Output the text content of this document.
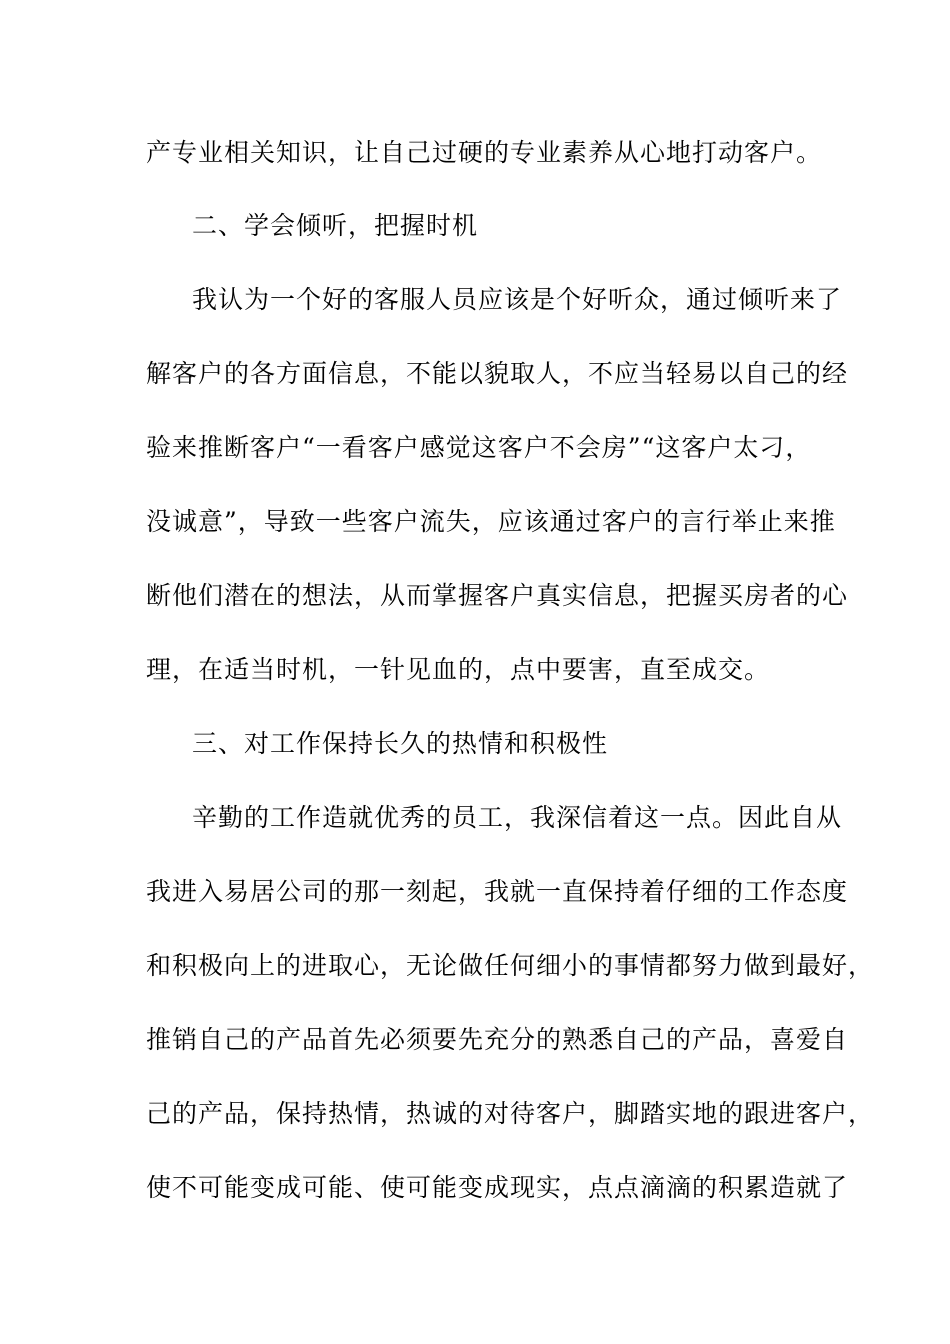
产专业相关知识，让自己过硬的专业素养从心地打动客户。
二、学会倾听，把握时机
我认为一个好的客服人员应该是个好听众，通过倾听来了
解客户的各方面信息，不能以貌取人，不应当轻易以自己的经
验来推断客户“一看客户感觉这客户不会房”“这客户太刁，
没诚意”，导致一些客户流失，应该通过客户的言行举止来推
断他们潜在的想法，从而掌握客户真实信息，把握买房者的心
理，在适当时机，一针见血的，点中要害，直至成交。
三、对工作保持长久的热情和积极性
辛勤的工作造就优秀的员工，我深信着这一点。因此自从
我进入易居公司的那一刻起，我就一直保持着仔细的工作态度
和积极向上的进取心，无论做任何细小的事情都努力做到最好，
推销自己的产品首先必须要先充分的熟悉自己的产品，喜爱自
己的产品，保持热情，热诚的对待客户，脚踏实地的跟进客户，
使不可能变成可能、使可能变成现实，点点滴滴的积累造就了
